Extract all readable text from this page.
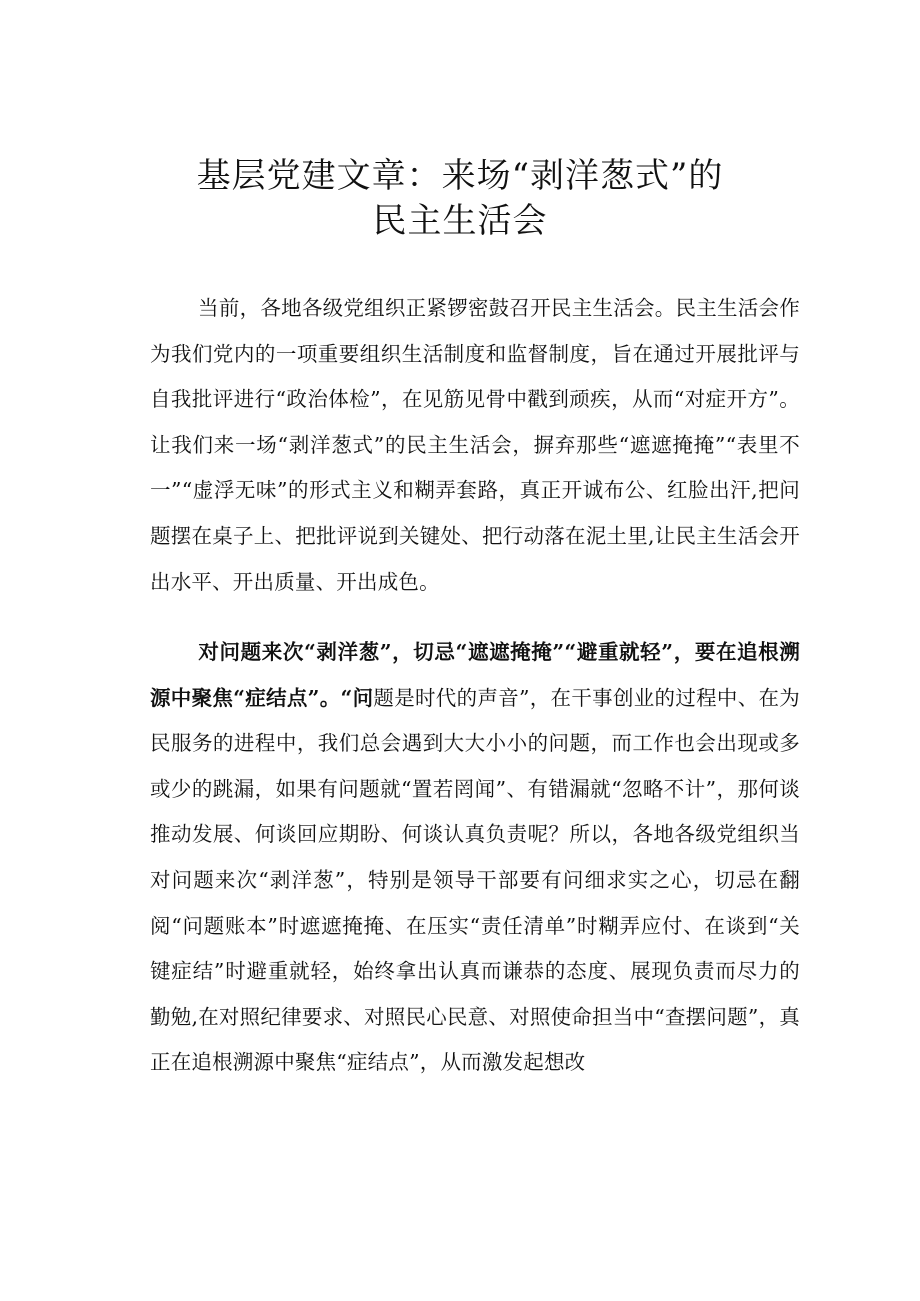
基层党建文章：来场“剥洋葱式”的
民主生活会
当前，各地各级党组织正紧锣密鼓召开民主生活会。民主生活会作为我们党内的一项重要组织生活制度和监督制度，旨在通过开展批评与自我批评进行“政治体检”，在见筋见骨中戳到顽疾，从而“对症开方”。让我们来一场“剥洋葱式”的民主生活会，摒弃那些“遮遮掩掩”“表里不一”“虚浮无味”的形式主义和糊弄套路，真正开诚布公、红脸出汗,把问题摆在桌子上、把批评说到关键处、把行动落在泥土里,让民主生活会开出水平、开出质量、开出成色。
对问题来次“剥洋葱”，切忌“遮遮掩掩”“避重就轻”，要在追根溯源中聚焦“症结点”。“问题是时代的声音”，在干事创业的过程中、在为民服务的进程中，我们总会遇到大大小小的问题，而工作也会出现或多或少的跳漏，如果有问题就“置若罔闻”、有错漏就“忽略不计”，那何谈推动发展、何谈回应期盼、何谈认真负责呢？所以，各地各级党组织当对问题来次“剥洋葱”，特别是领导干部要有问细求实之心，切忌在翻阅“问题账本”时遮遮掩掩、在压实“责任清单”时糊弄应付、在谈到“关键症结”时避重就轻，始终拿出认真而谦恭的态度、展现负责而尽力的勤勉,在对照纪律要求、对照民心民意、对照使命担当中“查摆问题”，真正在追根溯源中聚焦“症结点”，从而激发起想改
